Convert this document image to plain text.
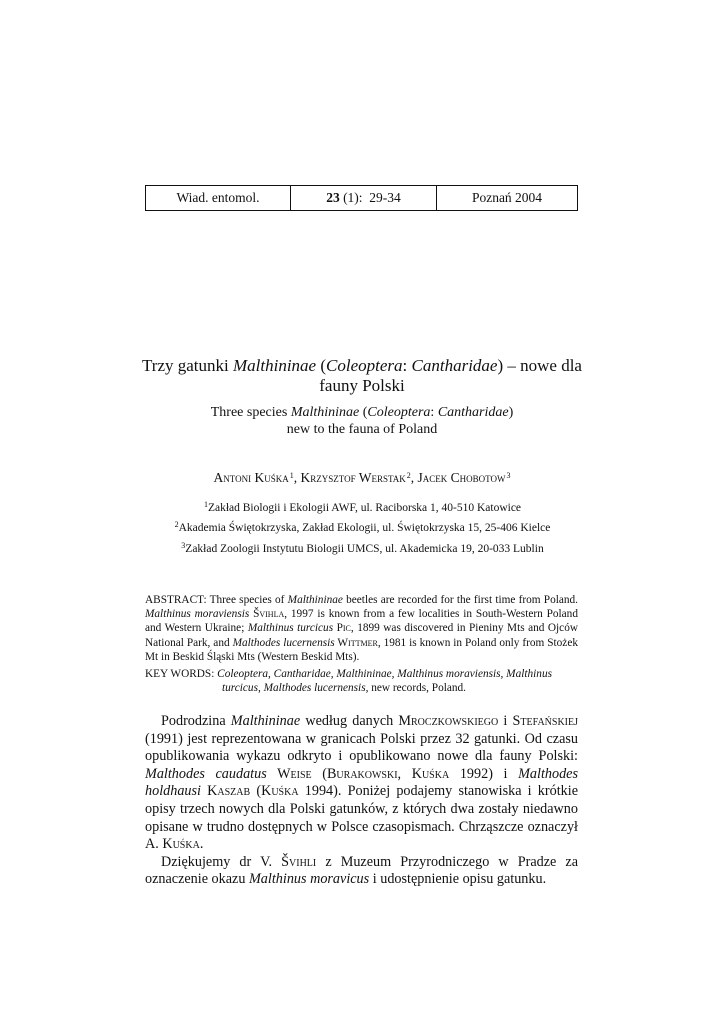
Wiad. entomol.	23 (1):  29-34	Poznań 2004
Trzy gatunki Malthininae (Coleoptera: Cantharidae) – nowe dla fauny Polski
Three species Malthininae (Coleoptera: Cantharidae)
new to the fauna of Poland
Antoni Kuśka$^1$, Krzysztof Werstak$^2$, Jacek Chobotow$^3$
$^1$Zakład Biologii i Ekologii AWF, ul. Raciborska 1, 40-510 Katowice
$^2$Akademia Świętokrzyska, Zakład Ekologii, ul. Świętokrzyska 15, 25-406 Kielce
$^3$Zakład Zoologii Instytutu Biologii UMCS, ul. Akademicka 19, 20-033 Lublin
ABSTRACT: Three species of Malthininae beetles are recorded for the first time from Poland. Malthinus moraviensis Švihla, 1997 is known from a few localities in South-Western Poland and Western Ukraine; Malthinus turcicus Pic, 1899 was discovered in Pieniny Mts and Ojców National Park, and Malthodes lucernensis Wittmer, 1981 is known in Poland only from Stożek Mt in Beskid Śląski Mts (Western Beskid Mts).
KEY WORDS: Coleoptera, Cantharidae, Malthininae, Malthinus moraviensis, Malthinus
turcicus, Malthodes lucernensis, new records, Poland.

Podrodzina Malthininae według danych Mroczkowskiego i Stefańskiej (1991) jest reprezentowana w granicach Polski przez 32 gatunki. Od czasu opublikowania wykazu odkryto i opublikowano nowe dla fauny Polski: Malthodes caudatus Weise (Burakowski, Kuśka 1992) i Malthodes holdhausi Kaszab (Kuśka 1994). Poniżej podajemy stanowiska i krótkie opisy trzech nowych dla Polski gatunków, z których dwa zostały niedawno opisane w trudno dostępnych w Polsce czasopismach. Chrząszcze oznaczył A. Kuśka.

Dziękujemy dr V. Švihli z Muzeum Przyrodniczego w Pradze za oznaczenie okazu Malthinus moravicus i udostępnienie opisu gatunku.
